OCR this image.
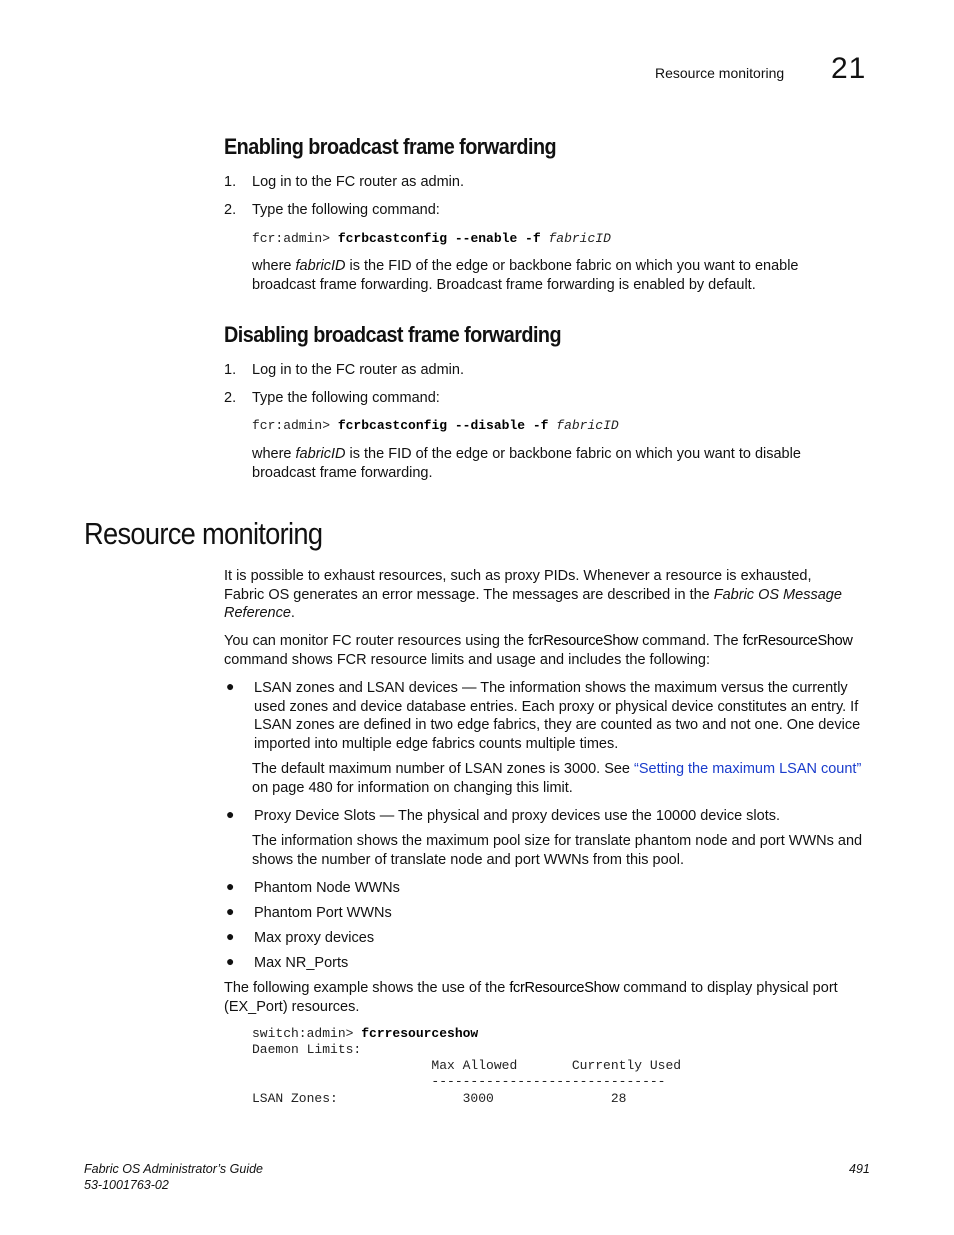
Resource monitoring 21
Enabling broadcast frame forwarding
1. Log in to the FC router as admin.
2. Type the following command:
fcr:admin> fcrbcastconfig --enable -f fabricID
where fabricID is the FID of the edge or backbone fabric on which you want to enable broadcast frame forwarding. Broadcast frame forwarding is enabled by default.
Disabling broadcast frame forwarding
1. Log in to the FC router as admin.
2. Type the following command:
fcr:admin> fcrbcastconfig --disable -f fabricID
where fabricID is the FID of the edge or backbone fabric on which you want to disable broadcast frame forwarding.
Resource monitoring
It is possible to exhaust resources, such as proxy PIDs. Whenever a resource is exhausted, Fabric OS generates an error message. The messages are described in the Fabric OS Message Reference.
You can monitor FC router resources using the fcrResourceShow command. The fcrResourceShow command shows FCR resource limits and usage and includes the following:
● LSAN zones and LSAN devices — The information shows the maximum versus the currently used zones and device database entries. Each proxy or physical device constitutes an entry. If LSAN zones are defined in two edge fabrics, they are counted as two and not one. One device imported into multiple edge fabrics counts multiple times.
The default maximum number of LSAN zones is 3000. See “Setting the maximum LSAN count” on page 480 for information on changing this limit.
● Proxy Device Slots — The physical and proxy devices use the 10000 device slots.
The information shows the maximum pool size for translate phantom node and port WWNs and shows the number of translate node and port WWNs from this pool.
● Phantom Node WWNs
● Phantom Port WWNs
● Max proxy devices
● Max NR_Ports
The following example shows the use of the fcrResourceShow command to display physical port (EX_Port) resources.
switch:admin> fcrresourceshow
Daemon Limits:
Max Allowed       Currently Used
------------------------------
LSAN Zones:                3000               28
Fabric OS Administrator’s Guide
53-1001763-02
491
